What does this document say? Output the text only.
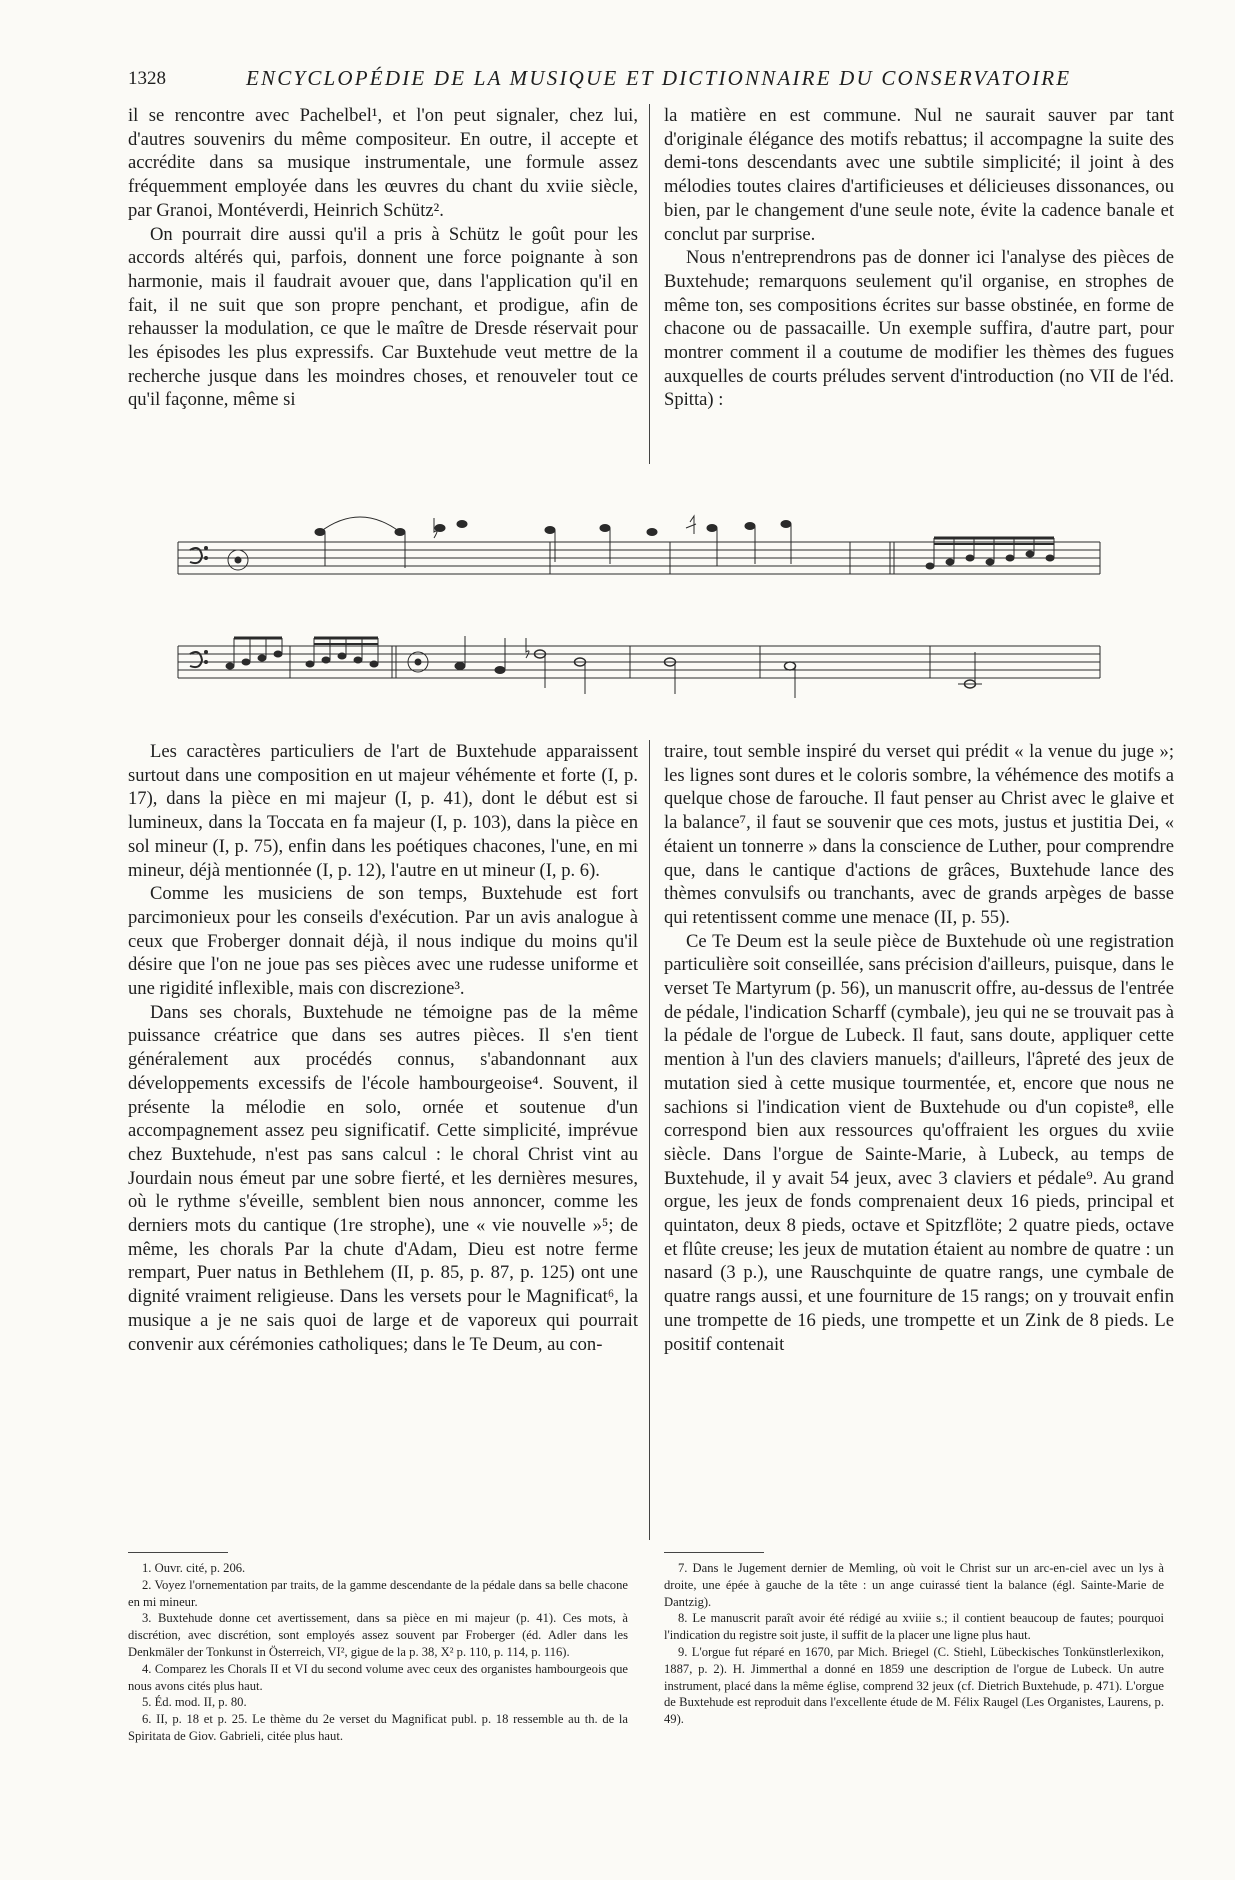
1328	ENCYCLOPÉDIE DE LA MUSIQUE ET DICTIONNAIRE DU CONSERVATOIRE

il se rencontre avec Pachelbel¹, et l'on peut signaler, chez lui, d'autres souvenirs du même compositeur. En outre, il accepte et accrédite dans sa musique instrumentale, une formule assez fréquemment employée dans les œuvres du chant du xviie siècle, par Granoi, Montéverdi, Heinrich Schütz².

On pourrait dire aussi qu'il a pris à Schütz le goût pour les accords altérés qui, parfois, donnent une force poignante à son harmonie, mais il faudrait avouer que, dans l'application qu'il en fait, il ne suit que son propre penchant, et prodigue, afin de rehausser la modulation, ce que le maître de Dresde réservait pour les épisodes les plus expressifs. Car Buxtehude veut mettre de la recherche jusque dans les moindres choses, et renouveler tout ce qu'il façonne, même si

la matière en est commune. Nul ne saurait sauver par tant d'originale élégance des motifs rebattus; il accompagne la suite des demi-tons descendants avec une subtile simplicité; il joint à des mélodies toutes claires d'artificieuses et délicieuses dissonances, ou bien, par le changement d'une seule note, évite la cadence banale et conclut par surprise.

Nous n'entreprendrons pas de donner ici l'analyse des pièces de Buxtehude; remarquons seulement qu'il organise, en strophes de même ton, ses compositions écrites sur basse obstinée, en forme de chacone ou de passacaille. Un exemple suffira, d'autre part, pour montrer comment il a coutume de modifier les thèmes des fugues auxquelles de courts préludes servent d'introduction (no VII de l'éd. Spitta) :

Les caractères particuliers de l'art de Buxtehude apparaissent surtout dans une composition en ut majeur véhémente et forte (I, p. 17), dans la pièce en mi majeur (I, p. 41), dont le début est si lumineux, dans la Toccata en fa majeur (I, p. 103), dans la pièce en sol mineur (I, p. 75), enfin dans les poétiques chacones, l'une, en mi mineur, déjà mentionnée (I, p. 12), l'autre en ut mineur (I, p. 6).

Comme les musiciens de son temps, Buxtehude est fort parcimonieux pour les conseils d'exécution. Par un avis analogue à ceux que Froberger donnait déjà, il nous indique du moins qu'il désire que l'on ne joue pas ses pièces avec une rudesse uniforme et une rigidité inflexible, mais con discrezione³.

Dans ses chorals, Buxtehude ne témoigne pas de la même puissance créatrice que dans ses autres pièces. Il s'en tient généralement aux procédés connus, s'abandonnant aux développements excessifs de l'école hambourgeoise⁴. Souvent, il présente la mélodie en solo, ornée et soutenue d'un accompagnement assez peu significatif. Cette simplicité, imprévue chez Buxtehude, n'est pas sans calcul : le choral Christ vint au Jourdain nous émeut par une sobre fierté, et les dernières mesures, où le rythme s'éveille, semblent bien nous annoncer, comme les derniers mots du cantique (1re strophe), une « vie nouvelle »⁵; de même, les chorals Par la chute d'Adam, Dieu est notre ferme rempart, Puer natus in Bethlehem (II, p. 85, p. 87, p. 125) ont une dignité vraiment religieuse. Dans les versets pour le Magnificat⁶, la musique a je ne sais quoi de large et de vaporeux qui pourrait convenir aux cérémonies catholiques; dans le Te Deum, au con-

traire, tout semble inspiré du verset qui prédit « la venue du juge »; les lignes sont dures et le coloris sombre, la véhémence des motifs a quelque chose de farouche. Il faut penser au Christ avec le glaive et la balance⁷, il faut se souvenir que ces mots, justus et justitia Dei, « étaient un tonnerre » dans la conscience de Luther, pour comprendre que, dans le cantique d'actions de grâces, Buxtehude lance des thèmes convulsifs ou tranchants, avec de grands arpèges de basse qui retentissent comme une menace (II, p. 55).

Ce Te Deum est la seule pièce de Buxtehude où une registration particulière soit conseillée, sans précision d'ailleurs, puisque, dans le verset Te Martyrum (p. 56), un manuscrit offre, au-dessus de l'entrée de pédale, l'indication Scharff (cymbale), jeu qui ne se trouvait pas à la pédale de l'orgue de Lubeck. Il faut, sans doute, appliquer cette mention à l'un des claviers manuels; d'ailleurs, l'âpreté des jeux de mutation sied à cette musique tourmentée, et, encore que nous ne sachions si l'indication vient de Buxtehude ou d'un copiste⁸, elle correspond bien aux ressources qu'offraient les orgues du xviie siècle. Dans l'orgue de Sainte-Marie, à Lubeck, au temps de Buxtehude, il y avait 54 jeux, avec 3 claviers et pédale⁹. Au grand orgue, les jeux de fonds comprenaient deux 16 pieds, principal et quintaton, deux 8 pieds, octave et Spitzflöte; 2 quatre pieds, octave et flûte creuse; les jeux de mutation étaient au nombre de quatre : un nasard (3 p.), une Rauschquinte de quatre rangs, une cymbale de quatre rangs aussi, et une fourniture de 15 rangs; on y trouvait enfin une trompette de 16 pieds, une trompette et un Zink de 8 pieds. Le positif contenait

1. Ouvr. cité, p. 206.

2. Voyez l'ornementation par traits, de la gamme descendante de la pédale dans sa belle chacone en mi mineur.

3. Buxtehude donne cet avertissement, dans sa pièce en mi majeur (p. 41). Ces mots, à discrétion, avec discrétion, sont employés assez souvent par Froberger (éd. Adler dans les Denkmäler der Tonkunst in Österreich, VI², gigue de la p. 38, X² p. 110, p. 114, p. 116).

4. Comparez les Chorals II et VI du second volume avec ceux des organistes hambourgeois que nous avons cités plus haut.

5. Éd. mod. II, p. 80.

6. II, p. 18 et p. 25. Le thème du 2e verset du Magnificat publ. p. 18 ressemble au th. de la Spiritata de Giov. Gabrieli, citée plus haut.

7. Dans le Jugement dernier de Memling, où voit le Christ sur un arc-en-ciel avec un lys à droite, une épée à gauche de la tête : un ange cuirassé tient la balance (égl. Sainte-Marie de Dantzig).

8. Le manuscrit paraît avoir été rédigé au xviiie s.; il contient beaucoup de fautes; pourquoi l'indication du registre soit juste, il suffit de la placer une ligne plus haut.

9. L'orgue fut réparé en 1670, par Mich. Briegel (C. Stiehl, Lübeckisches Tonkünstlerlexikon, 1887, p. 2). H. Jimmerthal a donné en 1859 une description de l'orgue de Lubeck. Un autre instrument, placé dans la même église, comprend 32 jeux (cf. Dietrich Buxtehude, p. 471). L'orgue de Buxtehude est reproduit dans l'excellente étude de M. Félix Raugel (Les Organistes, Laurens, p. 49).
